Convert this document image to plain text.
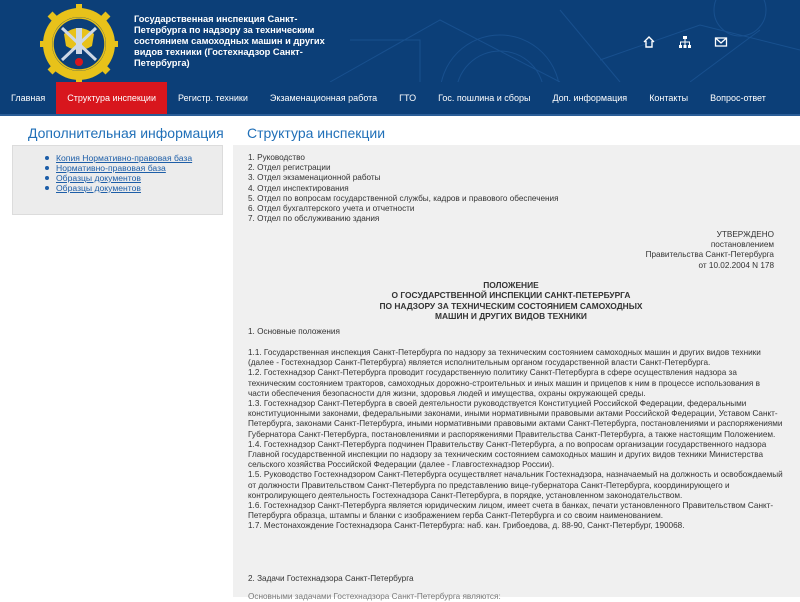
Государственная инспекция Санкт-Петербурга по надзору за техническим состоянием самоходных машин и других видов техники (Гостехнадзор Санкт-Петербурга)

Главная	Структура инспекции	Регистр. техники	Экзаменационная работа	ГТО	Гос. пошлина и сборы	Доп. информация	Контакты	Вопрос-ответ
Дополнительная информация
Копия Нормативно-правовая база
Нормативно-правовая база
Образцы документов
Образцы документов
Структура инспекции
1. Руководство
2. Отдел регистрации
3. Отдел экзаменационной работы
4. Отдел инспектирования
5. Отдел по вопросам государственной службы, кадров и правового обеспечения
6. Отдел бухгалтерского учета и отчетности
7. Отдел по обслуживанию здания
УТВЕРЖДЕНО
постановлением
Правительства Санкт-Петербурга
от 10.02.2004 N 178
ПОЛОЖЕНИЕ
О ГОСУДАРСТВЕННОЙ ИНСПЕКЦИИ САНКТ-ПЕТЕРБУРГА
ПО НАДЗОРУ ЗА ТЕХНИЧЕСКИМ СОСТОЯНИЕМ САМОХОДНЫХ
МАШИН И ДРУГИХ ВИДОВ ТЕХНИКИ
1. Основные положения

1.1. Государственная инспекция Санкт-Петербурга по надзору за техническим состоянием самоходных машин и других видов техники (далее - Гостехнадзор Санкт-Петербурга) является исполнительным органом государственной власти Санкт-Петербурга.

1.2. Гостехнадзор Санкт-Петербурга проводит государственную политику Санкт-Петербурга в сфере осуществления надзора за техническим состоянием тракторов, самоходных дорожно-строительных и иных машин и прицепов к ним в процессе использования в части обеспечения безопасности для жизни, здоровья людей и имущества, охраны окружающей среды.

1.3. Гостехнадзор Санкт-Петербурга в своей деятельности руководствуется Конституцией Российской Федерации, федеральными конституционными законами, федеральными законами, иными нормативными правовыми актами Российской Федерации, Уставом Санкт-Петербурга, законами Санкт-Петербурга, иными нормативными правовыми актами Санкт-Петербурга, постановлениями и распоряжениями Губернатора Санкт-Петербурга, постановлениями и распоряжениями Правительства Санкт-Петербурга, а также настоящим Положением.

1.4. Гостехнадзор Санкт-Петербурга подчинен Правительству Санкт-Петербурга, а по вопросам организации государственного надзора Главной государственной инспекции по надзору за техническим состоянием самоходных машин и других видов техники Министерства сельского хозяйства Российской Федерации (далее - Главгостехнадзор России).

1.5. Руководство Гостехнадзором Санкт-Петербурга осуществляет начальник Гостехнадзора, назначаемый на должность и освобождаемый от должности Правительством Санкт-Петербурга по представлению вице-губернатора Санкт-Петербурга, координирующего и контролирующего деятельность Гостехнадзора Санкт-Петербурга, в порядке, установленном законодательством.

1.6. Гостехнадзор Санкт-Петербурга является юридическим лицом, имеет счета в банках, печати установленного Правительством Санкт-Петербурга образца, штампы и бланки с изображением герба Санкт-Петербурга и со своим наименованием.

1.7. Местонахождение Гостехнадзора Санкт-Петербурга: наб. кан. Грибоедова, д. 88-90, Санкт-Петербург, 190068.

2. Задачи Гостехнадзора Санкт-Петербурга
Основными задачами Гостехнадзора Санкт-Петербурга являются:
